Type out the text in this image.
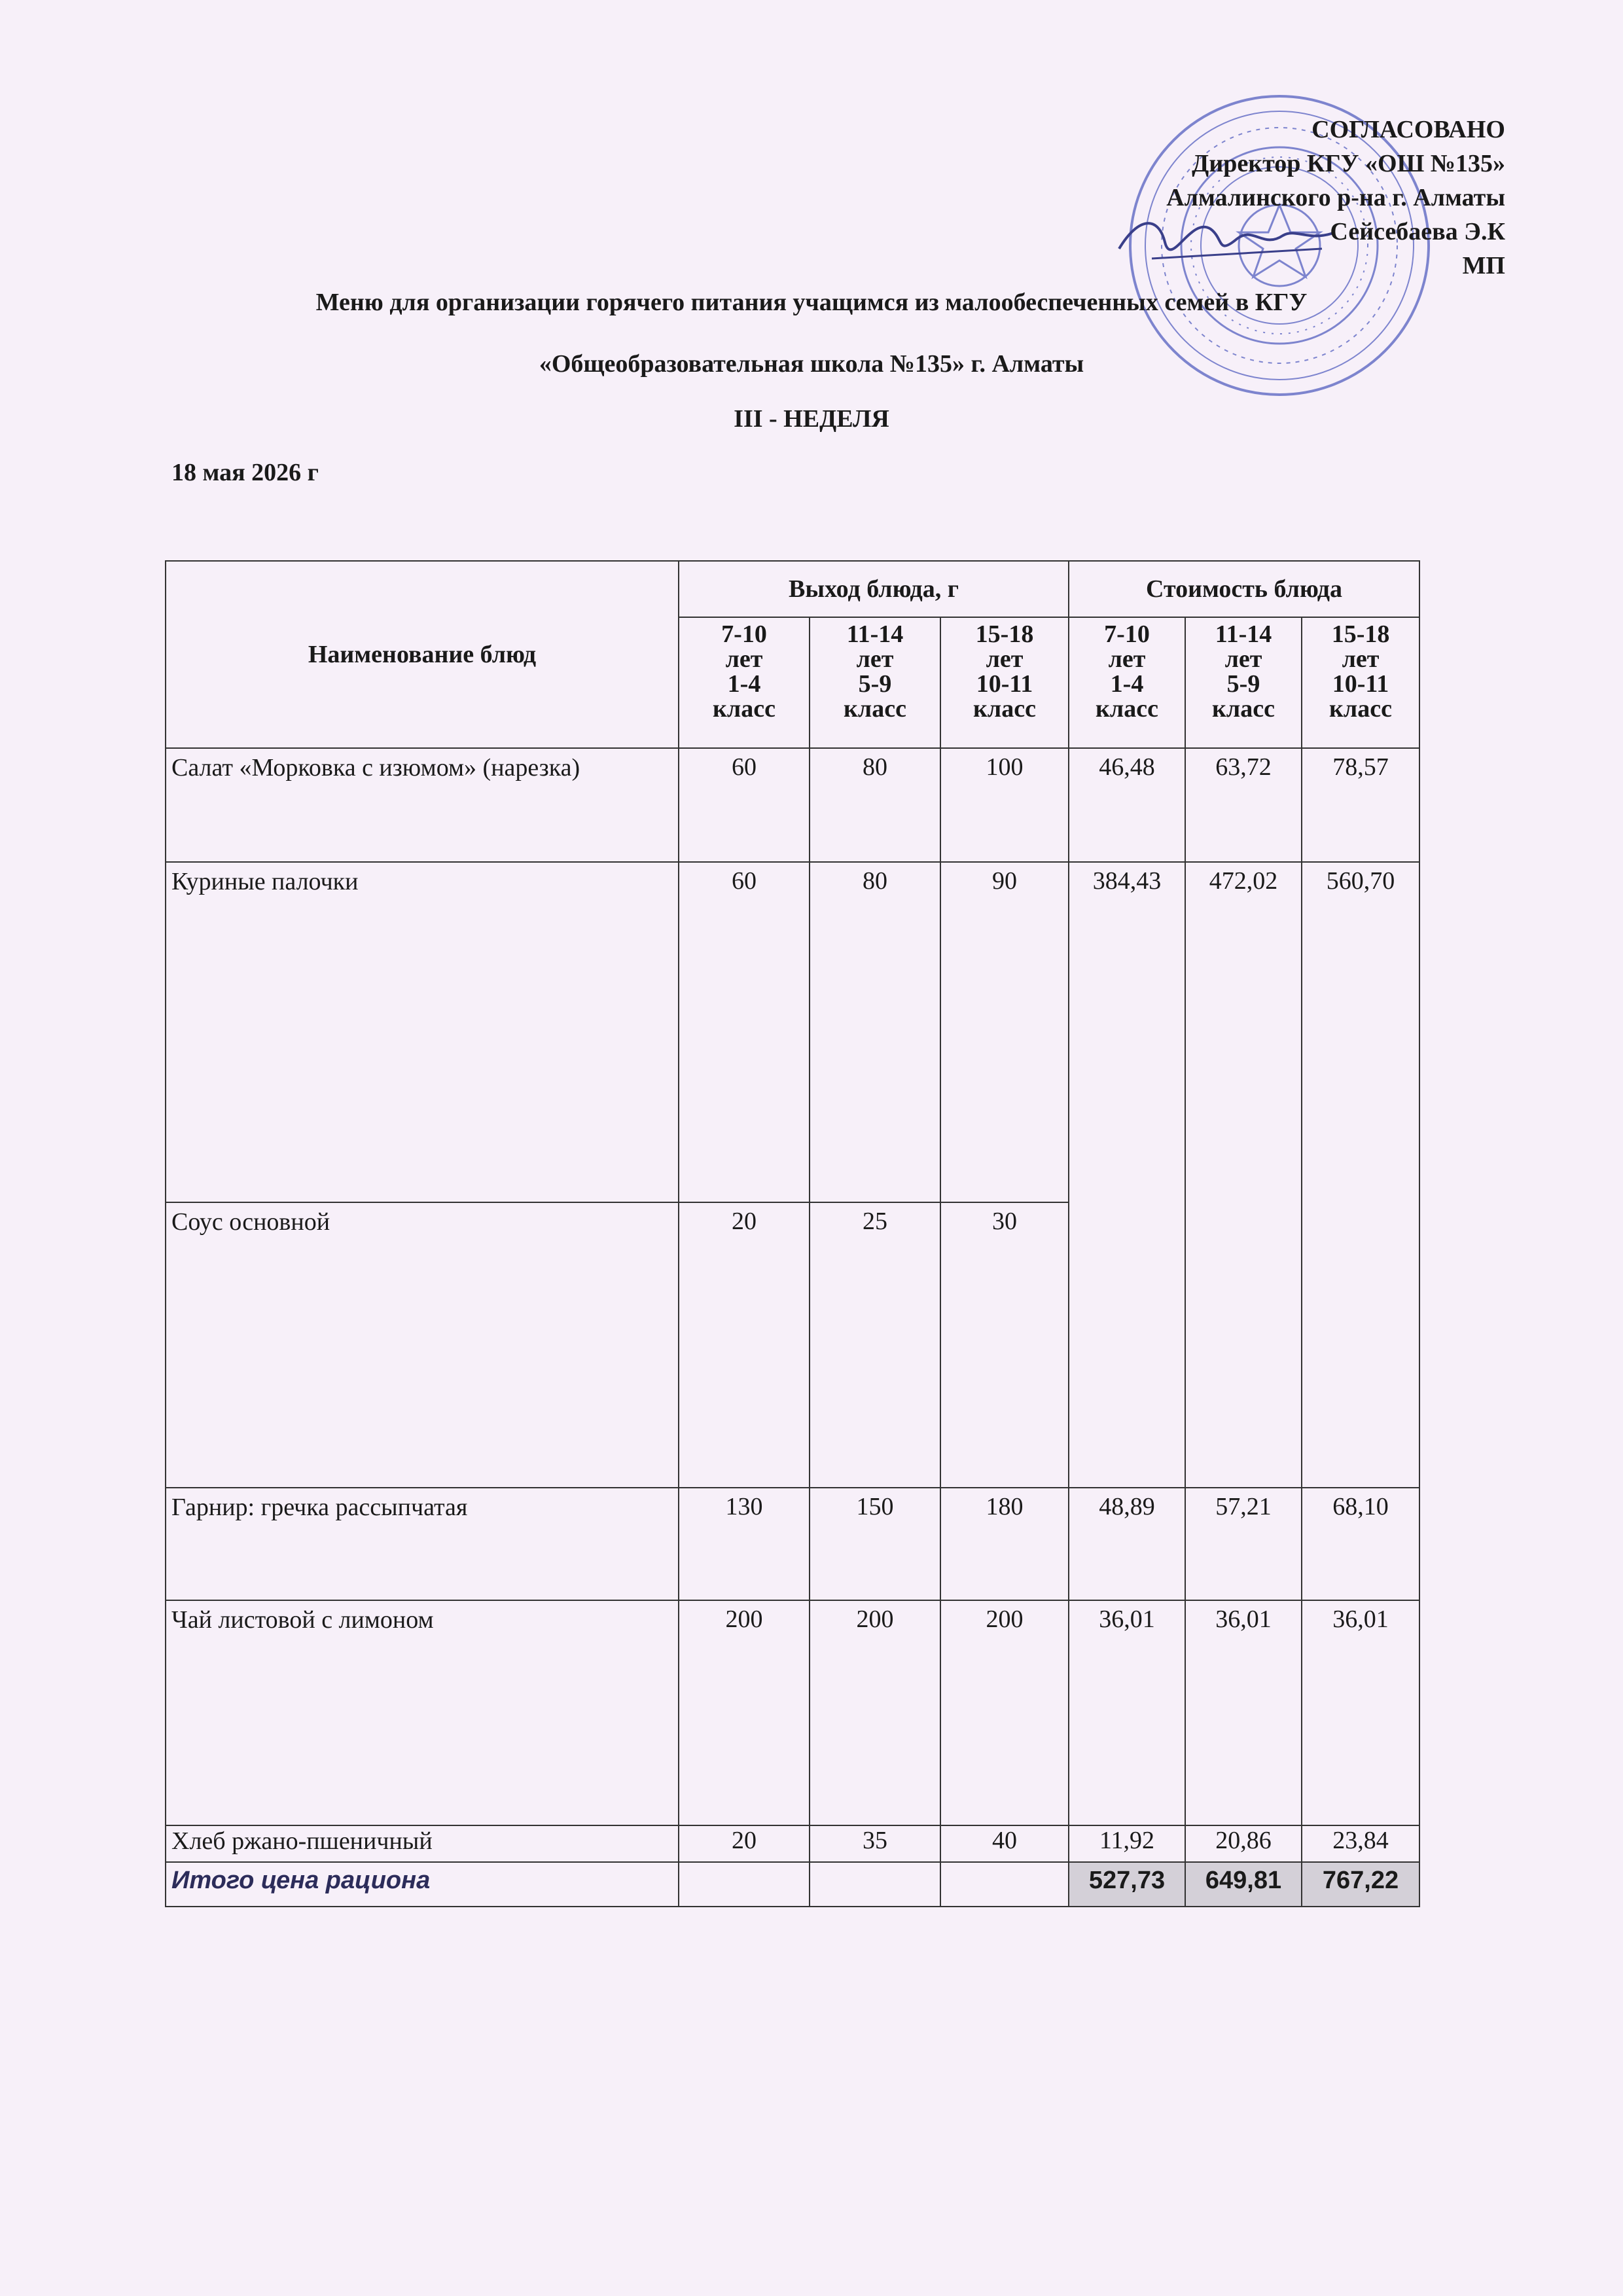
СОГЛАСОВАНО
Директор КГУ «ОШ №135»
Алмалинского р-на г. Алматы
Сейсебаева Э.К
МП
Меню для организации горячего питания учащимся из малообеспеченных семей в КГУ
«Общеобразовательная школа №135» г. Алматы
III - НЕДЕЛЯ
18 мая 2026 г
Наименование блюд	Выход блюда, г			Стоимость блюда		

	7-10
лет
1-4
класс	11-14
лет
5-9
класс	15-18
лет
10-11
класс	7-10
лет
1-4
класс	11-14
лет
5-9
класс	15-18
лет
10-11
класс

Салат «Морковка с изюмом» (нарезка)	60	80	100	46,48	63,72	78,57
Куриные палочки	60	80	90	384,43	472,02	560,70
Соус основной	20	25	30			
Гарнир: гречка рассыпчатая	130	150	180	48,89	57,21	68,10
Чай листовой с лимоном	200	200	200	36,01	36,01	36,01
Хлеб ржано-пшеничный	20	35	40	11,92	20,86	23,84
Итого цена рациона				527,73	649,81	767,22
